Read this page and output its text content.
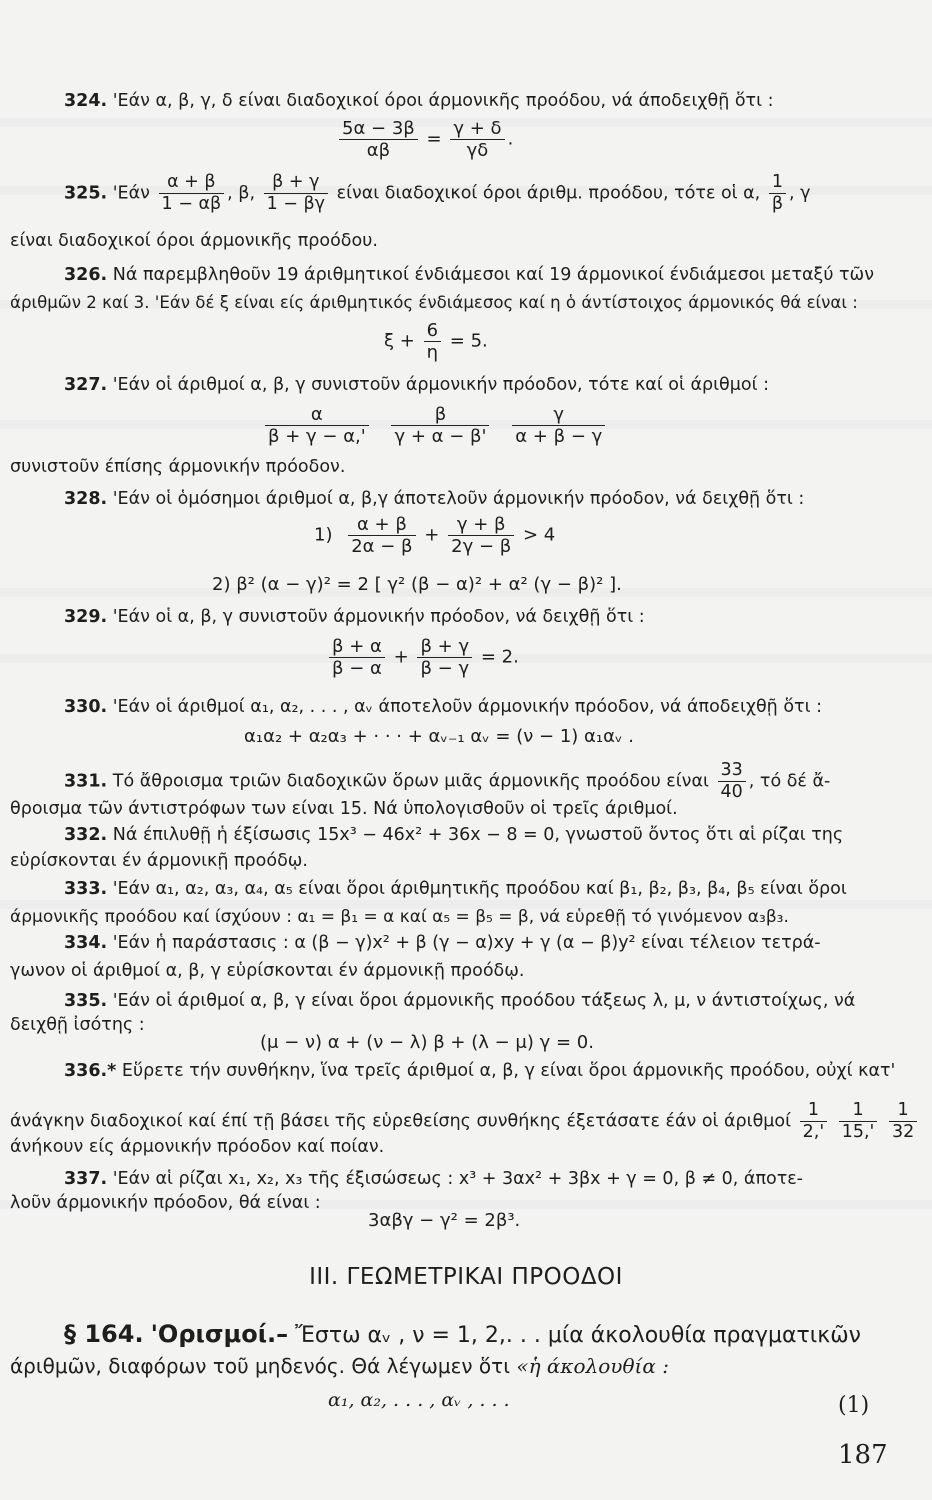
324. 'Εάν α, β, γ, δ είναι διαδοχικοί όροι άρμονικῆς προόδου, νά άποδειχθῇ ὅτι :
$\frac{5\alpha - 3\beta}{\alpha\beta} = \frac{\gamma + \delta}{\gamma\delta}$ .
325. '$Eά\nu \frac{\alpha + \beta}{1 - \alpha\beta}$ , β, $\frac{\beta + \gamma}{1 - \beta\gamma}$ είναι διαδοχικοί όροι άριθμ. προόδου, τότε οἱ α, $\frac{1}{\beta}$ , γ
είναι διαδοχικοί όροι άρμονικῆς προόδου.
326. Νά παρεμβληθοῦν 19 άριθμητικοί ένδιάμεσοι καί 19 άρμονικοί ένδιάμεσοι μεταξύ τῶν
άριθμῶν 2 καί 3. 'Εάν δέ ξ είναι είς άριθμητικός ένδιάμεσος καί η ὁ άντίστοιχος άρμονικός θά είναι :
$\xi + \frac{6}{\eta} = 5$.
327. 'Εάν οἱ άριθμοί α, β, γ συνιστοῦν άρμονικήν πρόοδον, τότε καί οἱ άριθμοί :
$\frac{\alpha}{\beta + \gamma - \alpha,'}$
$\frac{\beta}{\gamma + \alpha - \beta'}$
$\frac{\gamma}{\alpha + \beta - \gamma}$
συνιστοῦν έπίσης άρμονικήν πρόοδον.
328. 'Εάν οἱ ὁμόσημοι άριθμοί α, β,γ άποτελοῦν άρμονικήν πρόοδον, νά δειχθῇ ὅτι :
$1) \frac{\alpha + \beta}{2\alpha - \beta} + \frac{\gamma + \beta}{2\gamma - \beta} > 4$
2) β² (α − γ)² = 2 [ γ² (β − α)² + α² (γ − β)² ].
329. 'Εάν οἱ α, β, γ συνιστοῦν άρμονικήν πρόοδον, νά δειχθῇ ὅτι :
$\frac{\beta + \alpha}{\beta - \alpha} + \frac{\beta + \gamma}{\beta - \gamma} = 2$.
330. 'Εάν οἱ άριθμοί α₁, α₂, . . . , αᵥ άποτελοῦν άρμονικήν πρόοδον, νά άποδειχθῇ ὅτι :
α₁α₂ + α₂α₃ + · · · + αᵥ₋₁ αᵥ = (ν − 1) α₁αᵥ .
331. Τό ἄθροισμα τριῶν διαδοχικῶν ὅρων μιᾶς άρμονικῆς προόδου είναι $\frac{33}{40}$ , τό δέ ἄ-
θροισμα τῶν άντιστρόφων των είναι 15. Νά ὑπολογισθοῦν οἱ τρεῖς άριθμοί.
332. Νά έπιλυθῇ ἡ έξίσωσις 15x³ − 46x² + 36x − 8 = 0, γνωστοῦ ὄντος ὅτι αἱ ρίζαι της
εὑρίσκονται έν άρμονικῇ προόδῳ.
333. 'Εάν α₁, α₂, α₃, α₄, α₅ είναι ὅροι άριθμητικῆς προόδου καί β₁, β₂, β₃, β₄, β₅ είναι ὅροι
άρμονικῆς προόδου καί ίσχύουν : α₁ = β₁ = α καί α₅ = β₅ = β, νά εὑρεθῇ τό γινόμενον α₃β₃.
334. 'Εάν ἡ παράστασις : α (β − γ)x² + β (γ − α)xy + γ (α − β)y² είναι τέλειον τετρά-
γωνον οἱ άριθμοί α, β, γ εὑρίσκονται έν άρμονικῇ προόδῳ.
335. 'Εάν οἱ άριθμοί α, β, γ είναι ὅροι άρμονικῆς προόδου τάξεως λ, μ, ν άντιστοίχως, νά
δειχθῇ ἰσότης :
(μ − ν) α + (ν − λ) β + (λ − μ) γ = 0.
336.* Εὕρετε τήν συνθήκην, ἵνα τρεῖς άριθμοί α, β, γ είναι ὅροι άρμονικῆς προόδου, οὐχί κατ'
άνάγκην διαδοχικοί καί έπί τῇ βάσει τῆς εὑρεθείσης συνθήκης έξετάσατε έάν οἱ άριθμοί $\frac{1}{2,'}$
$\frac{1}{15,'}$
$\frac{1}{32}$
άνήκουν είς άρμονικήν πρόοδον καί ποίαν.
337. 'Εάν αἱ ρίζαι x₁, x₂, x₃ τῆς έξισώσεως : x³ + 3αx² + 3βx + γ = 0, β ≠ 0, άποτε-
λοῦν άρμονικήν πρόοδον, θά είναι :
3αβγ − γ² = 2β³.
ΙΙΙ. ΓΕΩΜΕΤΡΙΚΑΙ ΠΡΟΟΔΟΙ
§ 164. 'Ορισμοί.– Ἔστω αᵥ , ν = 1, 2,. . . μία άκολουθία πραγματικῶν
άριθμῶν, διαφόρων τοῦ μηδενός. Θά λέγωμεν ὅτι «ἡ άκολουθία :
α₁, α₂, . . . , αᵥ , . . .	(1)
187
